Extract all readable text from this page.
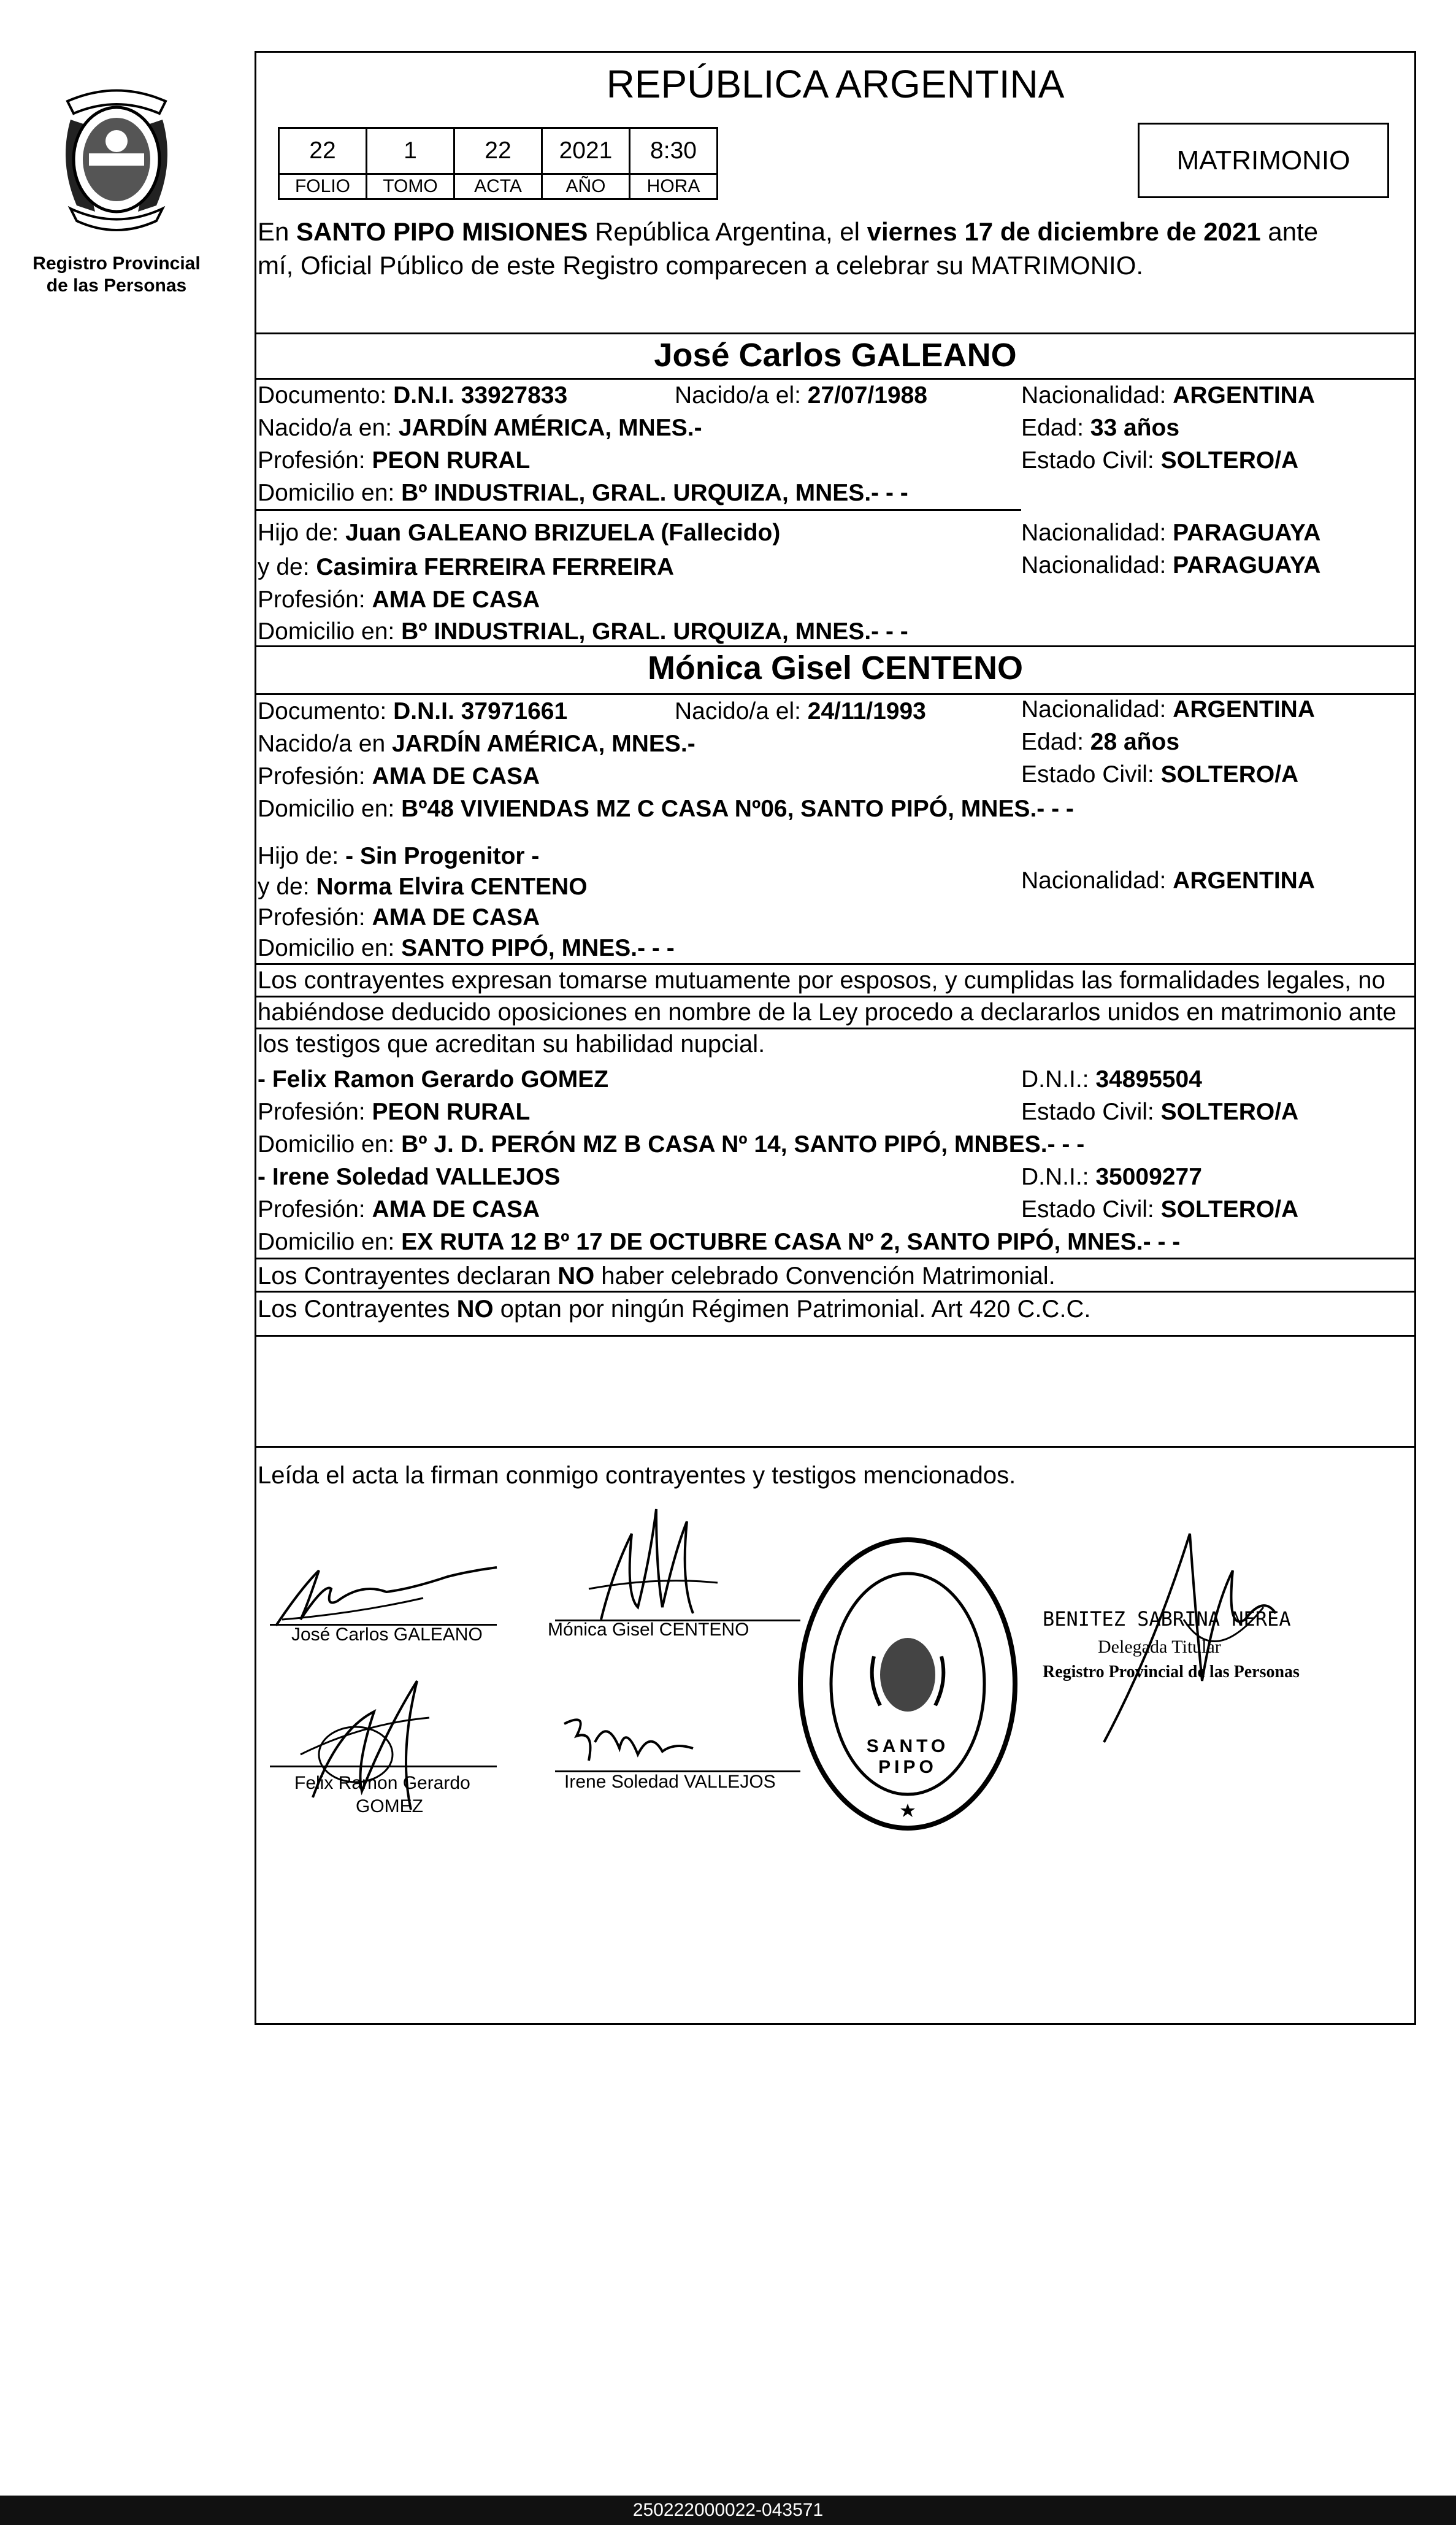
Registro Provincial
de las Personas
REPÚBLICA ARGENTINA
22	1	22	2021	8:30
FOLIO	TOMO	ACTA	AÑO	HORA
MATRIMONIO
En SANTO PIPO MISIONES República Argentina, el viernes 17 de diciembre de 2021 ante
mí, Oficial Público de este Registro comparecen a celebrar su MATRIMONIO.
José Carlos GALEANO
Documento: D.N.I. 33927833	Nacido/a el: 27/07/1988	Nacionalidad: ARGENTINA
Nacido/a en: JARDÍN AMÉRICA, MNES.-	Edad: 33 años
Profesión: PEON RURAL	Estado Civil: SOLTERO/A
Domicilio en: Bº INDUSTRIAL, GRAL. URQUIZA, MNES.- - -
Hijo de: Juan GALEANO BRIZUELA (Fallecido)	Nacionalidad: PARAGUAYA
y de: Casimira FERREIRA FERREIRA	Nacionalidad: PARAGUAYA
Profesión: AMA DE CASA
Domicilio en: Bº INDUSTRIAL, GRAL. URQUIZA, MNES.- - -
Mónica Gisel CENTENO
Documento: D.N.I. 37971661	Nacido/a el: 24/11/1993	Nacionalidad: ARGENTINA
Nacido/a en JARDÍN AMÉRICA, MNES.-	Edad: 28 años
Profesión: AMA DE CASA	Estado Civil: SOLTERO/A
Domicilio en: Bº48 VIVIENDAS MZ C CASA Nº06, SANTO PIPÓ, MNES.- - -
Hijo de: - Sin Progenitor -
y de: Norma Elvira CENTENO	Nacionalidad: ARGENTINA
Profesión: AMA DE CASA
Domicilio en: SANTO PIPÓ, MNES.- - -
Los contrayentes expresan tomarse mutuamente por esposos, y cumplidas las formalidades legales, no
habiéndose deducido oposiciones en nombre de la Ley procedo a declararlos unidos en matrimonio ante
los testigos que acreditan su habilidad nupcial.
- Felix Ramon Gerardo GOMEZ	D.N.I.: 34895504
Profesión: PEON RURAL	Estado Civil: SOLTERO/A
Domicilio en: Bº J. D. PERÓN MZ B CASA Nº 14, SANTO PIPÓ, MNBES.- - -
- Irene Soledad VALLEJOS	D.N.I.: 35009277
Profesión: AMA DE CASA	Estado Civil: SOLTERO/A
Domicilio en: EX RUTA 12 Bº 17 DE OCTUBRE CASA Nº 2, SANTO PIPÓ, MNES.- - -
Los Contrayentes declaran NO haber celebrado Convención Matrimonial.
Los Contrayentes NO optan por ningún Régimen Patrimonial. Art 420 C.C.C.
Leída el acta la firman conmigo contrayentes y testigos mencionados.
José Carlos GALEANO	Mónica Gisel CENTENO
Felix Ramon Gerardo
GOMEZ
Irene Soledad VALLEJOS
SANTO PIPO
BENITEZ SABRINA NEREA
Delegada Titular
Registro Provincial de las Personas
250222000022-043571
